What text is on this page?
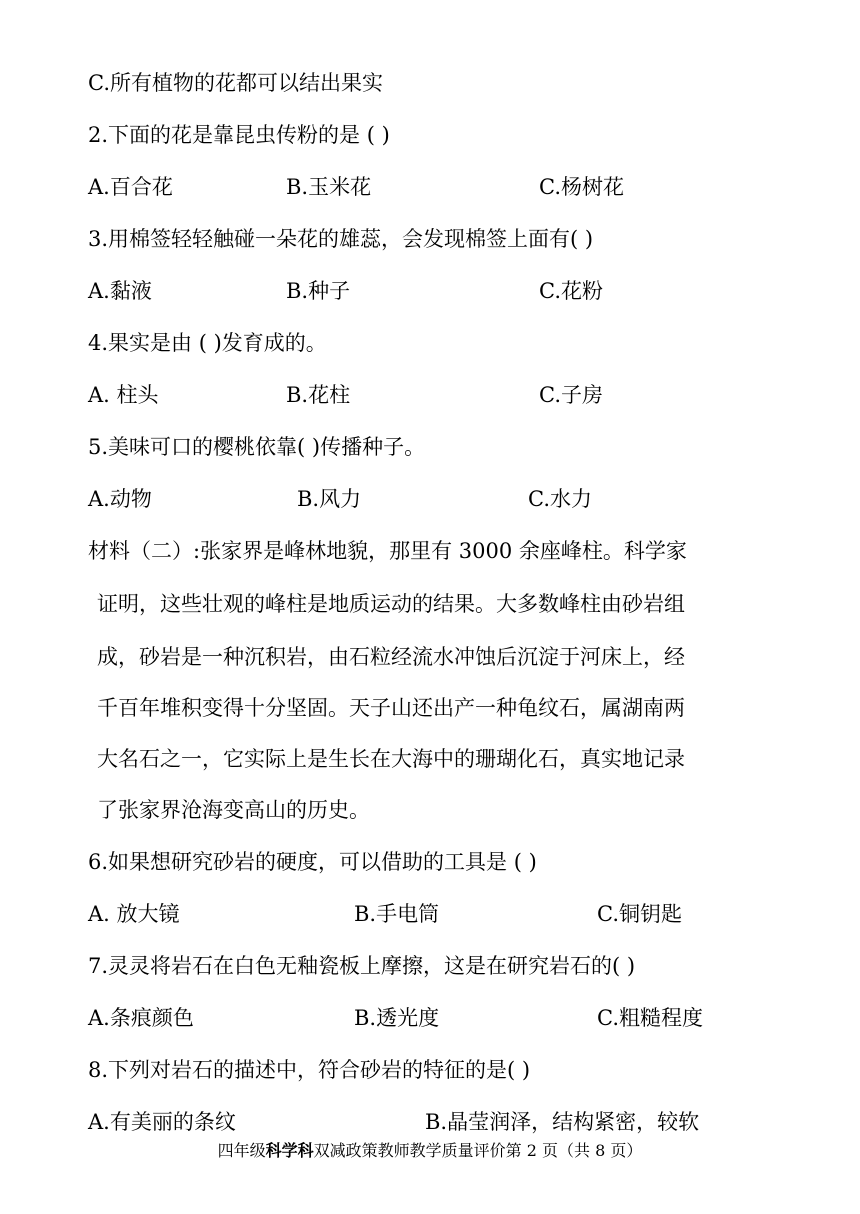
C.所有植物的花都可以结出果实
2.下面的花是靠昆虫传粉的是 ( )
A.百合花	B.玉米花	C.杨树花
3.用棉签轻轻触碰一朵花的雄蕊，会发现棉签上面有( )
A.黏液	B.种子	C.花粉
4.果实是由 ( )发育成的。
A. 柱头	B.花柱	C.子房
5.美味可口的樱桃依靠( )传播种子。
A.动物	B.风力	C.水力
材料（二）:张家界是峰林地貌，那里有 3000 余座峰柱。科学家
证明，这些壮观的峰柱是地质运动的结果。大多数峰柱由砂岩组
成，砂岩是一种沉积岩，由石粒经流水冲蚀后沉淀于河床上，经
千百年堆积变得十分坚固。天子山还出产一种龟纹石，属湖南两
大名石之一，它实际上是生长在大海中的珊瑚化石，真实地记录
了张家界沧海变高山的历史。
6.如果想研究砂岩的硬度，可以借助的工具是 ( )
A. 放大镜	B.手电筒	C.铜钥匙
7.灵灵将岩石在白色无釉瓷板上摩擦，这是在研究岩石的( )
A.条痕颜色	B.透光度	C.粗糙程度
8.下列对岩石的描述中，符合砂岩的特征的是( )
A.有美丽的条纹	B.晶莹润泽，结构紧密，较软
四年级科学科双减政策教师教学质量评价第 2 页（共 8 页）
